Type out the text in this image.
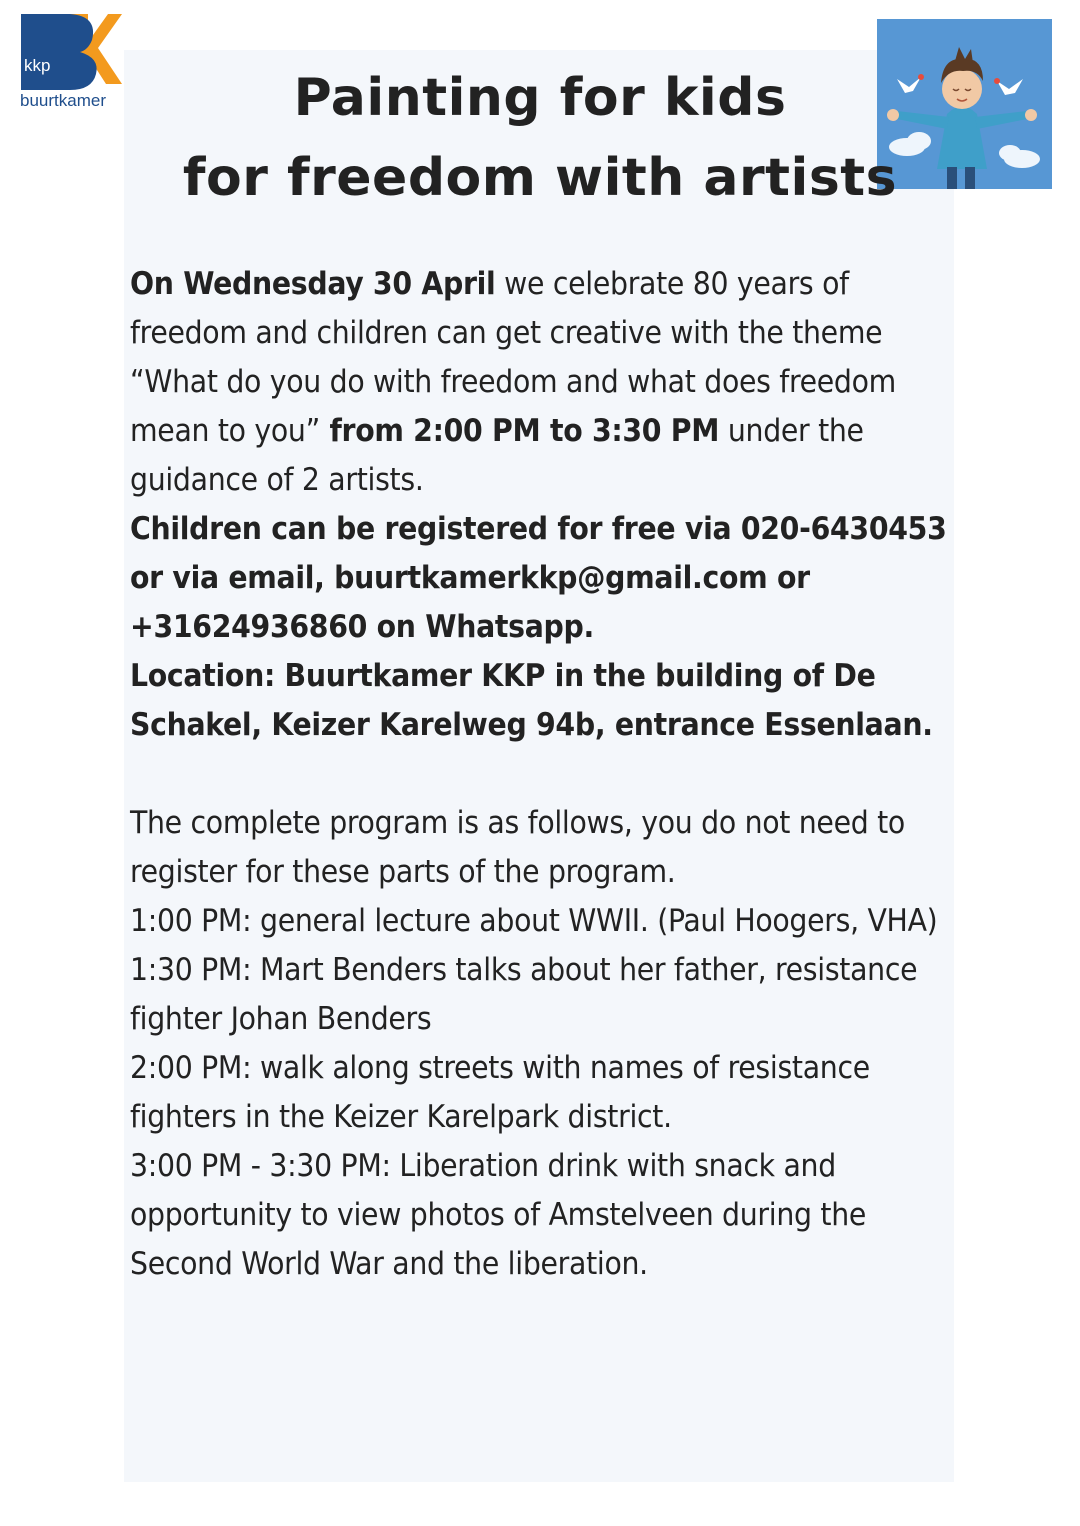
kkp
buurtkamer	Painting for kids
for freedom with artists

On Wednesday 30 April we celebrate 80 years of freedom and children can get creative with the theme
“What do you do with freedom and what does freedom mean to you” from 2:00 PM to 3:30 PM under the guidance of 2 artists.

Children can be registered for free via 020-6430453 or via email, buurtkamerkkp@gmail.com or +31624936860 on Whatsapp.

Location: Buurtkamer KKP in the building of De Schakel, Keizer Karelweg 94b, entrance Essenlaan.

The complete program is as follows, you do not need to register for these parts of the program.

1:00 PM: general lecture about WWII. (Paul Hoogers, VHA)

1:30 PM: Mart Benders talks about her father, resistance fighter Johan Benders

2:00 PM: walk along streets with names of resistance fighters in the Keizer Karelpark district.

3:00 PM - 3:30 PM: Liberation drink with snack and opportunity to view photos of Amstelveen during the Second World War and the liberation.
